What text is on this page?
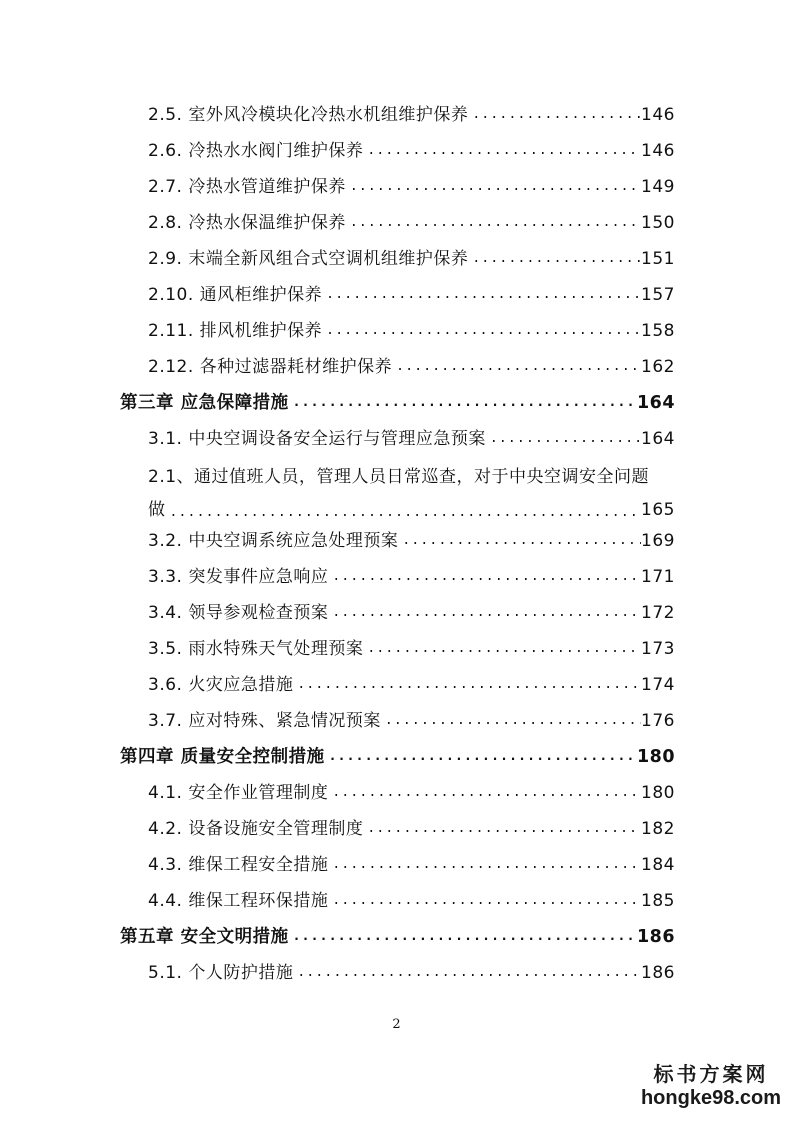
2.5. 室外风冷模块化冷热水机组维护保养 .....	146
2.6. 冷热水水阀门维护保养 .....	146
2.7. 冷热水管道维护保养 .....	149
2.8. 冷热水保温维护保养 .....	150
2.9. 末端全新风组合式空调机组维护保养 .....	151
2.10. 通风柜维护保养 .....	157
2.11. 排风机维护保养 .....	158
2.12. 各种过滤器耗材维护保养 .....	162
第三章 应急保障措施 .....	164
3.1. 中央空调设备安全运行与管理应急预案 .....	164
2.1、通过值班人员，管理人员日常巡查，对于中央空调安全问题
做 .....	165
3.2. 中央空调系统应急处理预案 .....	169
3.3. 突发事件应急响应 .....	171
3.4. 领导参观检查预案 .....	172
3.5. 雨水特殊天气处理预案 .....	173
3.6. 火灾应急措施 .....	174
3.7. 应对特殊、紧急情况预案 .....	176
第四章 质量安全控制措施 .....	180
4.1. 安全作业管理制度 .....	180
4.2. 设备设施安全管理制度 .....	182
4.3. 维保工程安全措施 .....	184
4.4. 维保工程环保措施 .....	185
第五章 安全文明措施 .....	186
5.1. 个人防护措施 .....	186
2
标书方案网
hongke98.com
